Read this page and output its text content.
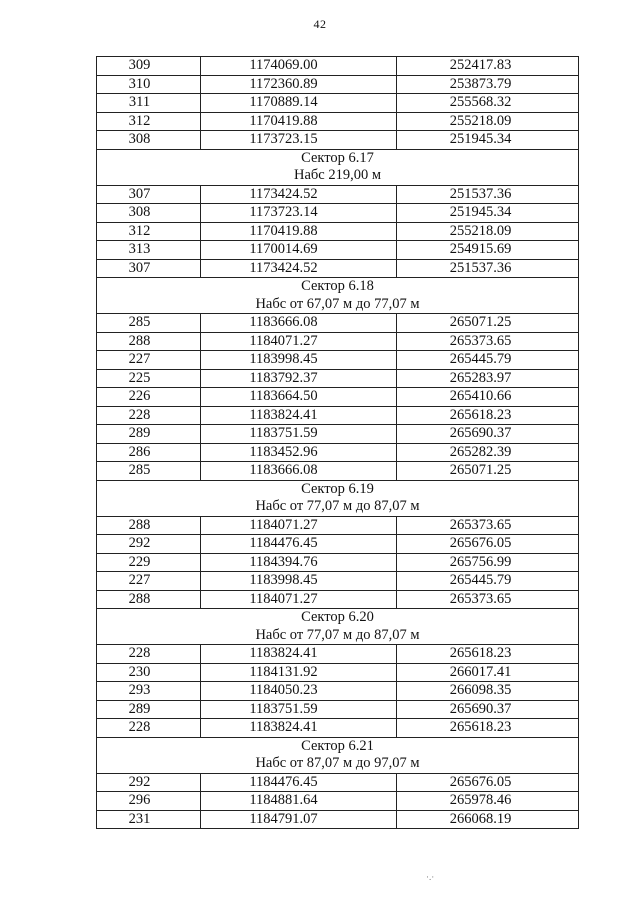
42
309	1174069.00	252417.83
310	1172360.89	253873.79
311	1170889.14	255568.32
312	1170419.88	255218.09
308	1173723.15	251945.34

Сектор 6.17
Набс 219,00 м		

307	1173424.52	251537.36
308	1173723.14	251945.34
312	1170419.88	255218.09
313	1170014.69	254915.69
307	1173424.52	251537.36

Сектор 6.18
Набс от 67,07 м до 77,07 м		

285	1183666.08	265071.25
288	1184071.27	265373.65
227	1183998.45	265445.79
225	1183792.37	265283.97
226	1183664.50	265410.66
228	1183824.41	265618.23
289	1183751.59	265690.37
286	1183452.96	265282.39
285	1183666.08	265071.25

Сектор 6.19
Набс от 77,07 м до 87,07 м		

288	1184071.27	265373.65
292	1184476.45	265676.05
229	1184394.76	265756.99
227	1183998.45	265445.79
288	1184071.27	265373.65

Сектор 6.20
Набс от 77,07 м до 87,07 м		

228	1183824.41	265618.23
230	1184131.92	266017.41
293	1184050.23	266098.35
289	1183751.59	265690.37
228	1183824.41	265618.23

Сектор 6.21
Набс от 87,07 м до 97,07 м		

292	1184476.45	265676.05
296	1184881.64	265978.46
231	1184791.07	266068.19
·.·
